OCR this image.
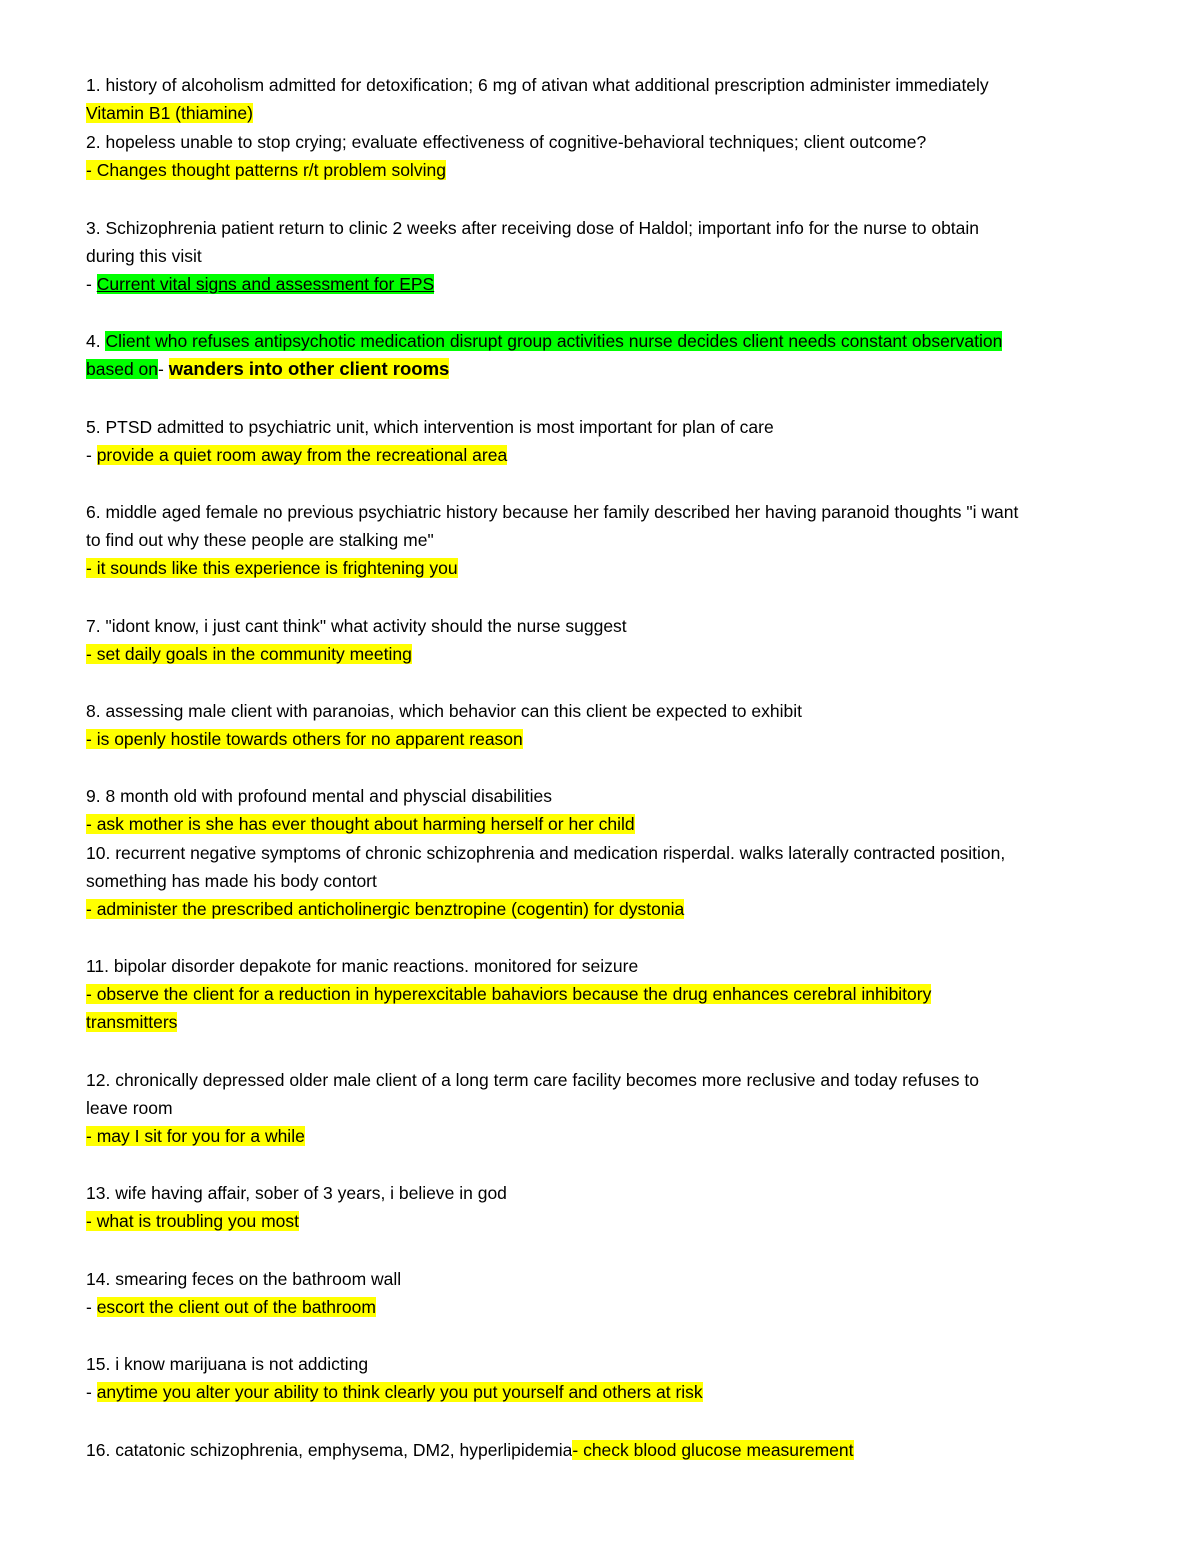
1. history of alcoholism admitted for detoxification; 6 mg of ativan what additional prescription administer immediately
Vitamin B1 (thiamine)
2. hopeless unable to stop crying; evaluate effectiveness of cognitive-behavioral techniques; client outcome?
- Changes thought patterns r/t problem solving
3. Schizophrenia patient return to clinic 2 weeks after receiving dose of Haldol; important info for the nurse to obtain
during this visit
- Current vital signs and assessment for EPS
4. Client who refuses antipsychotic medication disrupt group activities nurse decides client needs constant observation
based on- wanders into other client rooms
5. PTSD admitted to psychiatric unit, which intervention is most important for plan of care
- provide a quiet room away from the recreational area
6. middle aged female no previous psychiatric history because her family described her having paranoid thoughts "i want
to find out why these people are stalking me"
- it sounds like this experience is frightening you
7. "idont know, i just cant think" what activity should the nurse suggest
- set daily goals in the community meeting
8. assessing male client with paranoias, which behavior can this client be expected to exhibit
- is openly hostile towards others for no apparent reason
9. 8 month old with profound mental and physcial disabilities
- ask mother is she has ever thought about harming herself or her child
10. recurrent negative symptoms of chronic schizophrenia and medication risperdal. walks laterally contracted position,
something has made his body contort
- administer the prescribed anticholinergic benztropine (cogentin) for dystonia
11. bipolar disorder depakote for manic reactions. monitored for seizure
- observe the client for a reduction in hyperexcitable bahaviors because the drug enhances cerebral inhibitory
transmitters
12. chronically depressed older male client of a long term care facility becomes more reclusive and today refuses to
leave room
- may I sit for you for a while
13. wife having affair, sober of 3 years, i believe in god
- what is troubling you most
14. smearing feces on the bathroom wall
- escort the client out of the bathroom
15. i know marijuana is not addicting
- anytime you alter your ability to think clearly you put yourself and others at risk
16. catatonic schizophrenia, emphysema, DM2, hyperlipidemia- check blood glucose measurement
